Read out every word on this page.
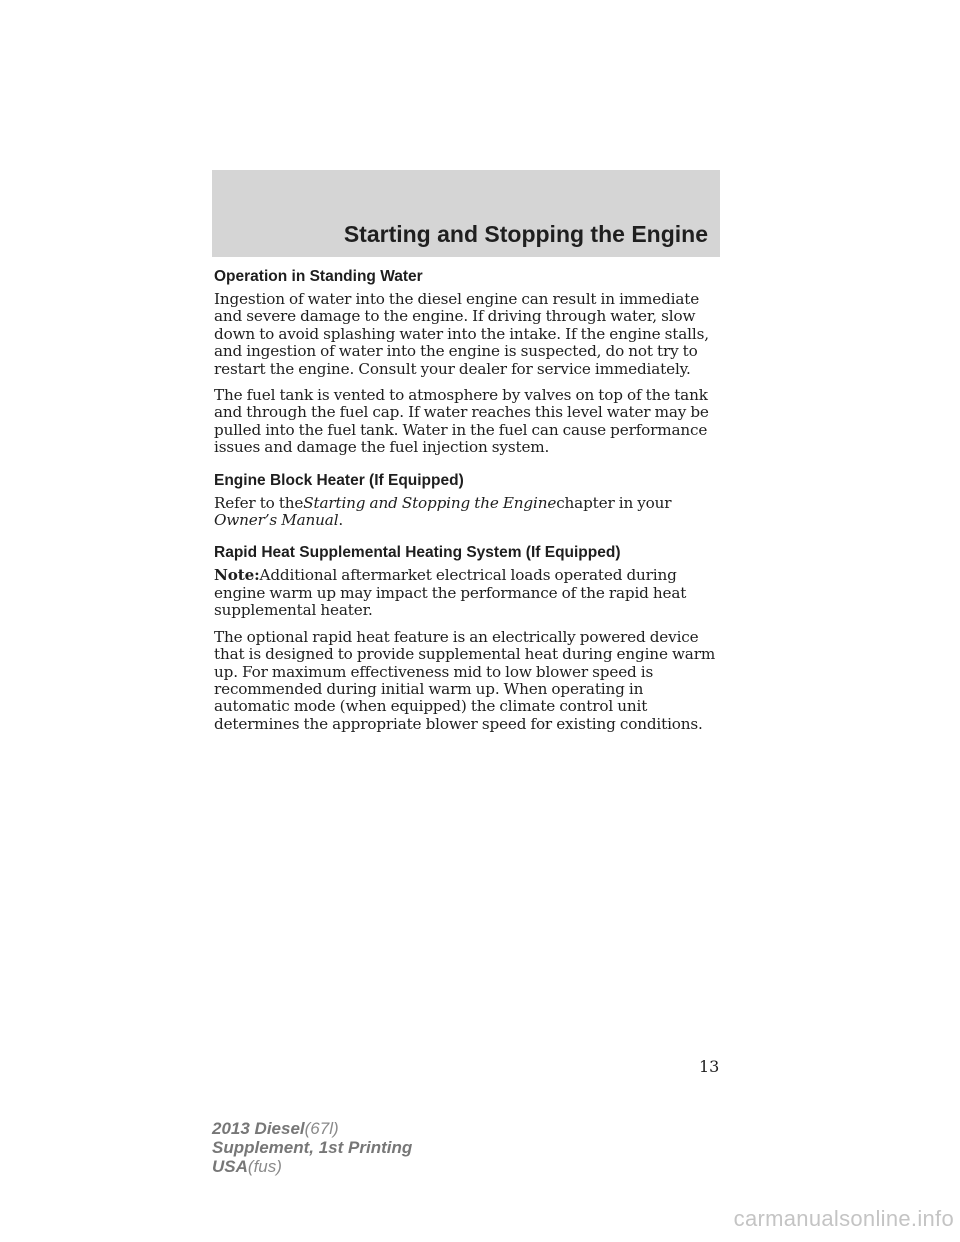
Starting and Stopping the Engine
Operation in Standing Water

Ingestion of water into the diesel engine can result in immediate and severe damage to the engine. If driving through water, slow down to avoid splashing water into the intake. If the engine stalls, and ingestion of water into the engine is suspected, do not try to restart the engine. Consult your dealer for service immediately.

The fuel tank is vented to atmosphere by valves on top of the tank and through the fuel cap. If water reaches this level water may be pulled into the fuel tank. Water in the fuel can cause performance issues and damage the fuel injection system.

Engine Block Heater (If Equipped)

Refer to theStarting and Stopping the Enginechapter in your
Owner’s Manual.

Rapid Heat Supplemental Heating System (If Equipped)

Note:Additional aftermarket electrical loads operated during engine warm up may impact the performance of the rapid heat supplemental heater.

The optional rapid heat feature is an electrically powered device that is designed to provide supplemental heat during engine warm up. For maximum effectiveness mid to low blower speed is recommended during initial warm up. When operating in automatic mode (when equipped) the climate control unit determines the appropriate blower speed for existing conditions.

13
2013 Diesel(67l)
Supplement, 1st Printing
USA(fus)
carmanualsonline.info
